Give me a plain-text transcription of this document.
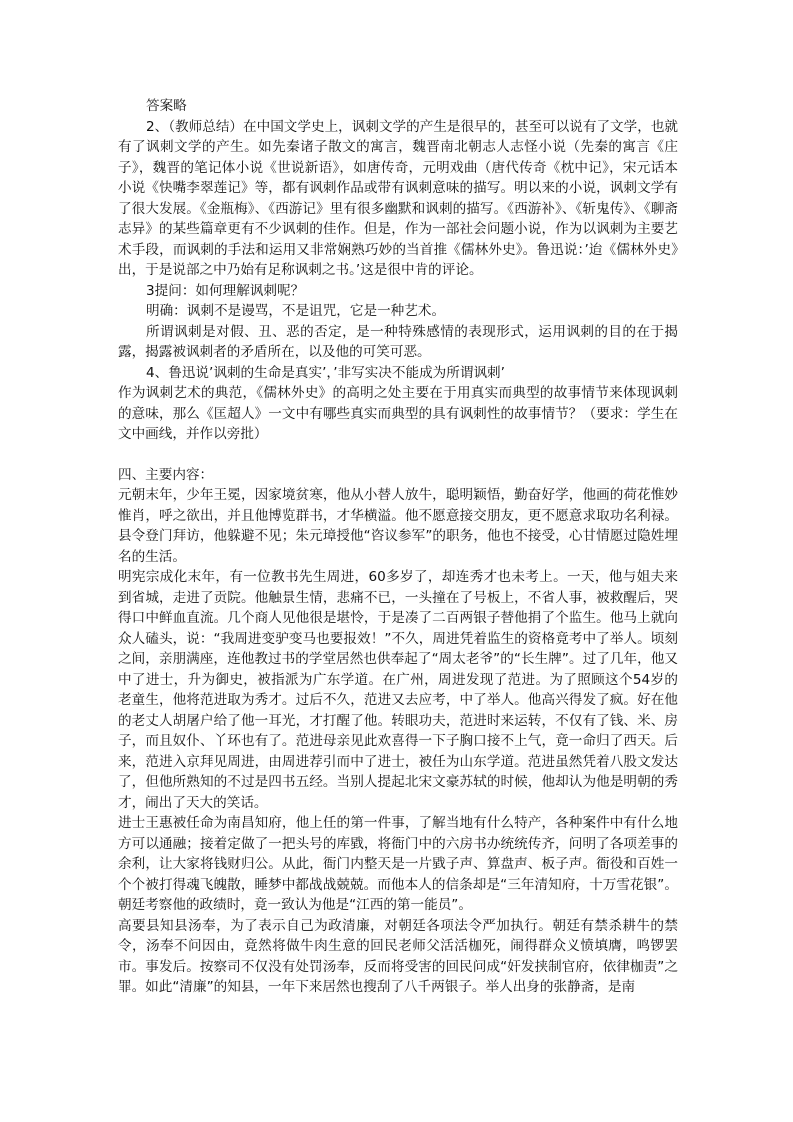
答案略

2、（教师总结）在中国文学史上，讽刺文学的产生是很早的，甚至可以说有了文学，也就有了讽刺文学的产生。如先秦诸子散文的寓言，魏晋南北朝志人志怪小说（先秦的寓言《庄子》，魏晋的笔记体小说《世说新语》，如唐传奇，元明戏曲（唐代传奇《枕中记》，宋元话本小说《快嘴李翠莲记》等，都有讽刺作品或带有讽刺意味的描写。明以来的小说，讽刺文学有了很大发展。《金瓶梅》、《西游记》里有很多幽默和讽刺的描写。《西游补》、《斩鬼传》、《聊斋志异》的某些篇章更有不少讽刺的佳作。但是，作为一部社会问题小说，作为以讽刺为主要艺术手段，而讽刺的手法和运用又非常娴熟巧妙的当首推《儒林外史》。鲁迅说：’迨《儒林外史》出，于是说部之中乃始有足称讽刺之书。’这是很中肯的评论。

3提问：如何理解讽刺呢？

明确：讽刺不是谩骂，不是诅咒，它是一种艺术。

所谓讽刺是对假、丑、恶的否定，是一种特殊感情的表现形式，运用讽刺的目的在于揭露，揭露被讽刺者的矛盾所在，以及他的可笑可恶。

4、鲁迅说’讽刺的生命是真实’，’非写实决不能成为所谓讽刺’

作为讽刺艺术的典范，《儒林外史》的高明之处主要在于用真实而典型的故事情节来体现讽刺的意味，那么《匡超人》一文中有哪些真实而典型的具有讽刺性的故事情节？（要求：学生在文中画线，并作以旁批）

四、主要内容：

元朝末年，少年王冕，因家境贫寒，他从小替人放牛，聪明颖悟，勤奋好学，他画的荷花惟妙惟肖，呼之欲出，并且他博览群书，才华横溢。他不愿意接交朋友，更不愿意求取功名利禄。县令登门拜访，他躲避不见；朱元璋授他“咨议参军”的职务，他也不接受，心甘情愿过隐姓埋名的生活。

明宪宗成化末年，有一位教书先生周进，60多岁了，却连秀才也未考上。一天，他与姐夫来到省城，走进了贡院。他触景生情，悲痛不已，一头撞在了号板上，不省人事，被救醒后，哭得口中鲜血直流。几个商人见他很是堪怜，于是凑了二百两银子替他捐了个监生。他马上就向众人磕头，说：“我周进变驴变马也要报效！”不久，周进凭着监生的资格竟考中了举人。顷刻之间，亲朋满座，连他教过书的学堂居然也供奉起了“周太老爷”的“长生牌”。过了几年，他又中了进士，升为御史，被指派为广东学道。在广州，周进发现了范进。为了照顾这个54岁的老童生，他将范进取为秀才。过后不久，范进又去应考，中了举人。他高兴得发了疯。好在他的老丈人胡屠户给了他一耳光，才打醒了他。转眼功夫，范进时来运转，不仅有了钱、米、房子，而且奴仆、丫环也有了。范进母亲见此欢喜得一下子胸口接不上气，竟一命归了西天。后来，范进入京拜见周进，由周进荐引而中了进士，被任为山东学道。范进虽然凭着八股文发达了，但他所熟知的不过是四书五经。当别人提起北宋文豪苏轼的时候，他却认为他是明朝的秀才，闹出了天大的笑话。

进士王惠被任命为南昌知府，他上任的第一件事，了解当地有什么特产，各种案件中有什么地方可以通融；接着定做了一把头号的库戥，将衙门中的六房书办统统传齐，问明了各项差事的余利，让大家将钱财归公。从此，衙门内整天是一片戥子声、算盘声、板子声。衙役和百姓一个个被打得魂飞魄散，睡梦中都战战兢兢。而他本人的信条却是“三年清知府，十万雪花银”。朝廷考察他的政绩时，竟一致认为他是“江西的第一能员”。

高要县知县汤奉，为了表示自己为政清廉，对朝廷各项法令严加执行。朝廷有禁杀耕牛的禁令，汤奉不问因由，竟然将做牛肉生意的回民老师父活活枷死，闹得群众义愤填膺，鸣锣罢市。事发后。按察司不仅没有处罚汤奉，反而将受害的回民问成“奸发挟制官府，依律枷责”之罪。如此“清廉”的知县，一年下来居然也搜刮了八千两银子。举人出身的张静斋，是南
